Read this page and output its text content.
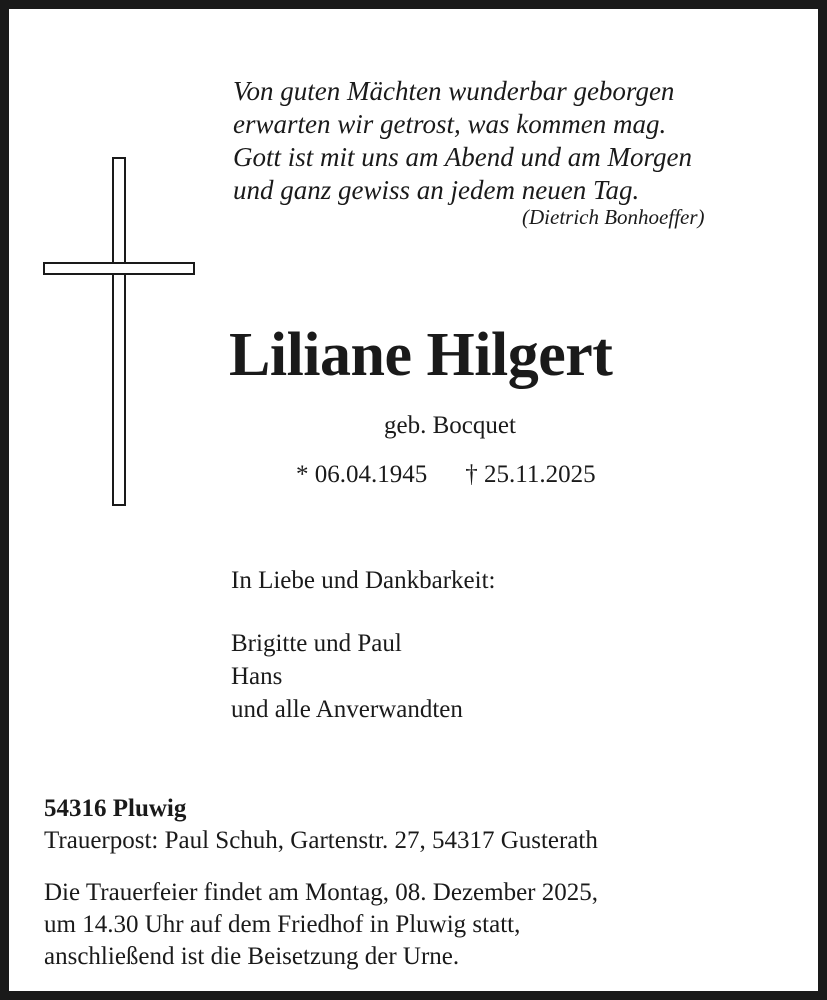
Von guten Mächten wunderbar geborgen
erwarten wir getrost, was kommen mag.
Gott ist mit uns am Abend und am Morgen
und ganz gewiss an jedem neuen Tag.
(Dietrich Bonhoeffer)
Liliane Hilgert
geb. Bocquet
* 06.04.1945 † 25.11.2025
In Liebe und Dankbarkeit:
Brigitte und Paul
Hans
und alle Anverwandten
54316 Pluwig
Trauerpost: Paul Schuh, Gartenstr. 27, 54317 Gusterath
Die Trauerfeier findet am Montag, 08. Dezember 2025,
um 14.30 Uhr auf dem Friedhof in Pluwig statt,
anschließend ist die Beisetzung der Urne.
